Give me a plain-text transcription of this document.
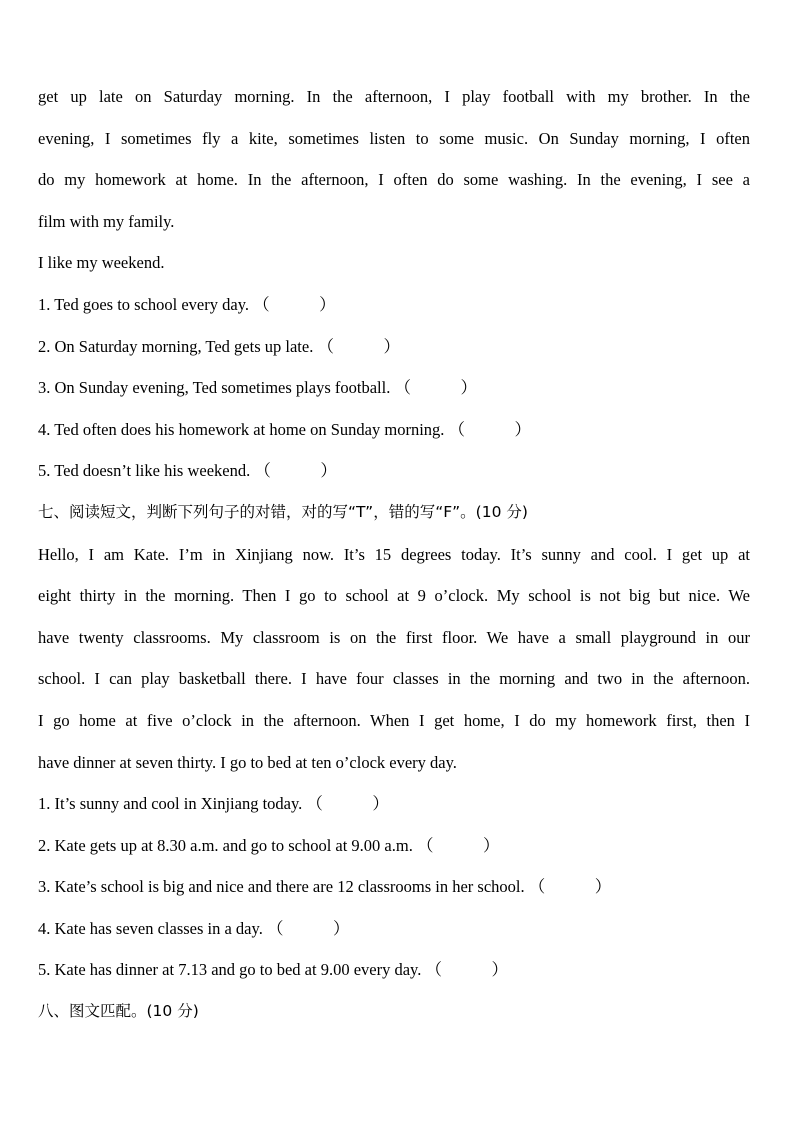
get up late on Saturday morning. In the afternoon, I play football with my brother. In the
evening, I sometimes fly a kite, sometimes listen to some music. On Sunday morning, I often
do my homework at home. In the afternoon, I often do some washing. In the evening, I see a
film with my family.
I like my weekend.
1. Ted goes to school every day. （　　　）
2. On Saturday morning, Ted gets up late. （　　　）
3. On Sunday evening, Ted sometimes plays football. （　　　）
4. Ted often does his homework at home on Sunday morning. （　　　）
5. Ted doesn’t like his weekend. （　　　）
七、阅读短文，判断下列句子的对错，对的写“T”，错的写“F”。(10 分)
Hello, I am Kate. I’m in Xinjiang now. It’s 15 degrees today. It’s sunny and cool. I get up at
eight thirty in the morning. Then I go to school at 9 o’clock. My school is not big but nice. We
have twenty classrooms. My classroom is on the first floor. We have a small playground in our
school. I can play basketball there. I have four classes in the morning and two in the afternoon.
I go home at five o’clock in the afternoon. When I get home, I do my homework first, then I
have dinner at seven thirty. I go to bed at ten o’clock every day.
1. It’s sunny and cool in Xinjiang today. （　　　）
2. Kate gets up at 8.30 a.m. and go to school at 9.00 a.m. （　　　）
3. Kate’s school is big and nice and there are 12 classrooms in her school. （　　　）
4. Kate has seven classes in a day. （　　　）
5. Kate has dinner at 7.13 and go to bed at 9.00 every day. （　　　）
八、图文匹配。(10 分)
